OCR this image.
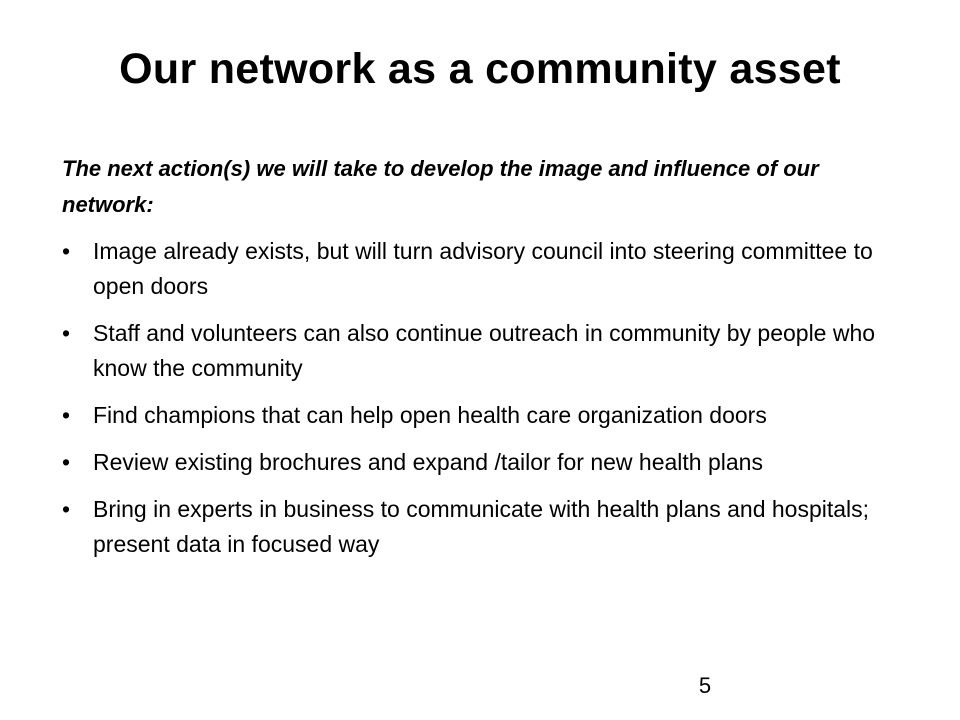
Our network as a community asset
The next action(s) we will take to develop the image and influence of our network:
• Image already exists, but will turn advisory council into steering committee to open doors
• Staff and volunteers can also continue outreach in community by people who know the community
• Find champions that can help open health care organization doors
• Review existing brochures and expand /tailor for new health plans
• Bring in experts in business to communicate with health plans and hospitals; present data in focused way
5
